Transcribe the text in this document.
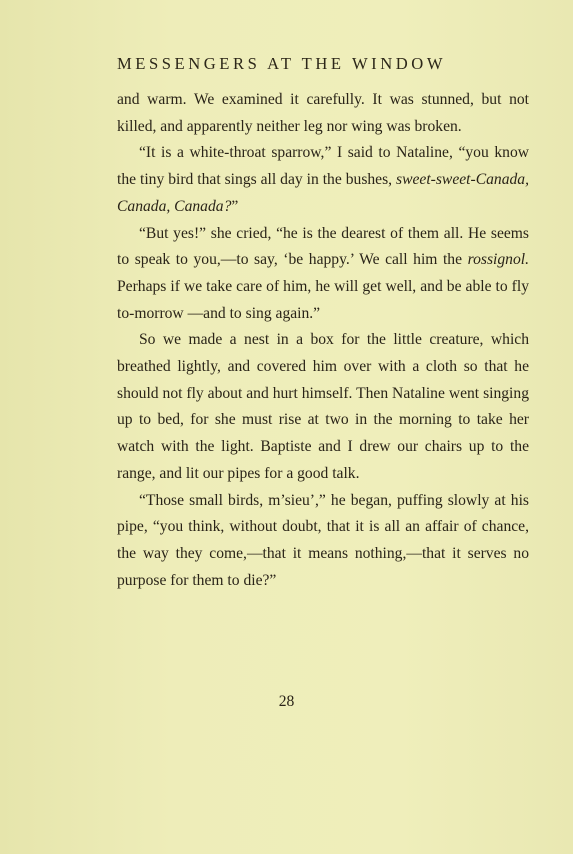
MESSENGERS AT THE WINDOW

and warm. We examined it carefully. It was stunned, but not killed, and apparently neither leg nor wing was broken.

“It is a white-throat sparrow,” I said to Nataline, “you know the tiny bird that sings all day in the bushes, sweet-sweet-Canada, Canada, Canada?”

“But yes!” she cried, “he is the dearest of them all. He seems to speak to you,—to say, ‘be happy.’ We call him the rossignol. Perhaps if we take care of him, he will get well, and be able to fly to-morrow —and to sing again.”

So we made a nest in a box for the little creature, which breathed lightly, and covered him over with a cloth so that he should not fly about and hurt himself. Then Nataline went singing up to bed, for she must rise at two in the morning to take her watch with the light. Baptiste and I drew our chairs up to the range, and lit our pipes for a good talk.

“Those small birds, m’sieu’,” he began, puffing slowly at his pipe, “you think, without doubt, that it is all an affair of chance, the way they come,—that it means nothing,—that it serves no purpose for them to die?”

28
